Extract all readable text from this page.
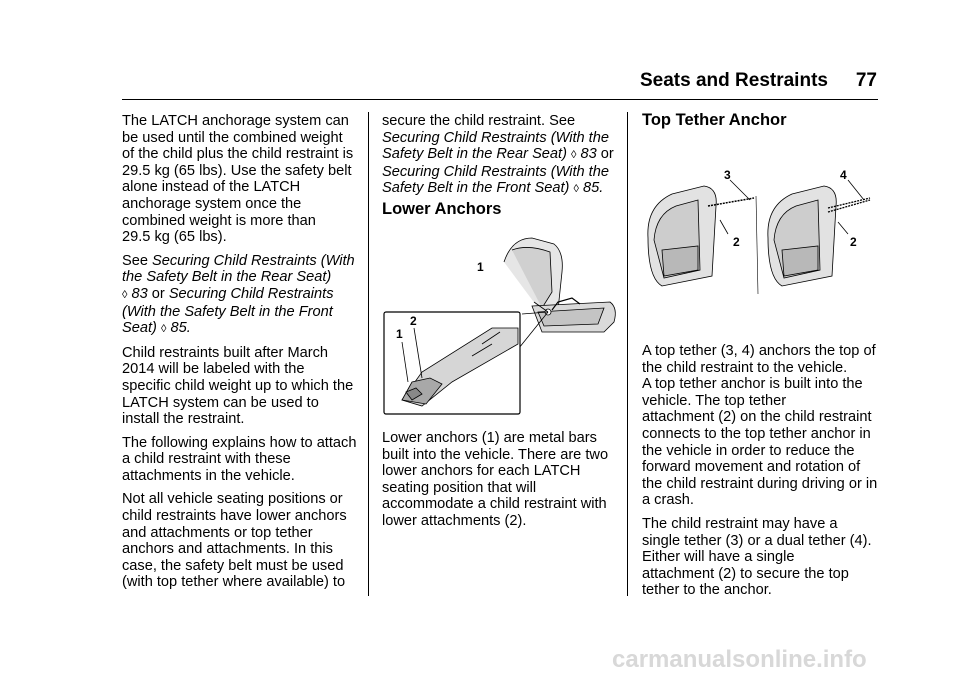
Seats and Restraints	77

The LATCH anchorage system can
be used until the combined weight
of the child plus the child restraint is
29.5 kg (65 lbs). Use the safety belt
alone instead of the LATCH
anchorage system once the
combined weight is more than
29.5 kg (65 lbs).

See Securing Child Restraints (With
the Safety Belt in the Rear Seat)
◊ 83 or Securing Child Restraints
(With the Safety Belt in the Front
Seat) ◊ 85.

Child restraints built after March
2014 will be labeled with the
specific child weight up to which the
LATCH system can be used to
install the restraint.

The following explains how to attach
a child restraint with these
attachments in the vehicle.

Not all vehicle seating positions or
child restraints have lower anchors
and attachments or top tether
anchors and attachments. In this
case, the safety belt must be used
(with top tether where available) to

secure the child restraint. See
Securing Child Restraints (With the
Safety Belt in the Rear Seat) ◊ 83 or
Securing Child Restraints (With the
Safety Belt in the Front Seat) ◊ 85.

Lower Anchors
1
1
2

Lower anchors (1) are metal bars
built into the vehicle. There are two
lower anchors for each LATCH
seating position that will
accommodate a child restraint with
lower attachments (2).

Top Tether Anchor
3	4
2	2

A top tether (3, 4) anchors the top of
the child restraint to the vehicle.
A top tether anchor is built into the
vehicle. The top tether
attachment (2) on the child restraint
connects to the top tether anchor in
the vehicle in order to reduce the
forward movement and rotation of
the child restraint during driving or in
a crash.

The child restraint may have a
single tether (3) or a dual tether (4).
Either will have a single
attachment (2) to secure the top
tether to the anchor.

carmanualsonline.info
